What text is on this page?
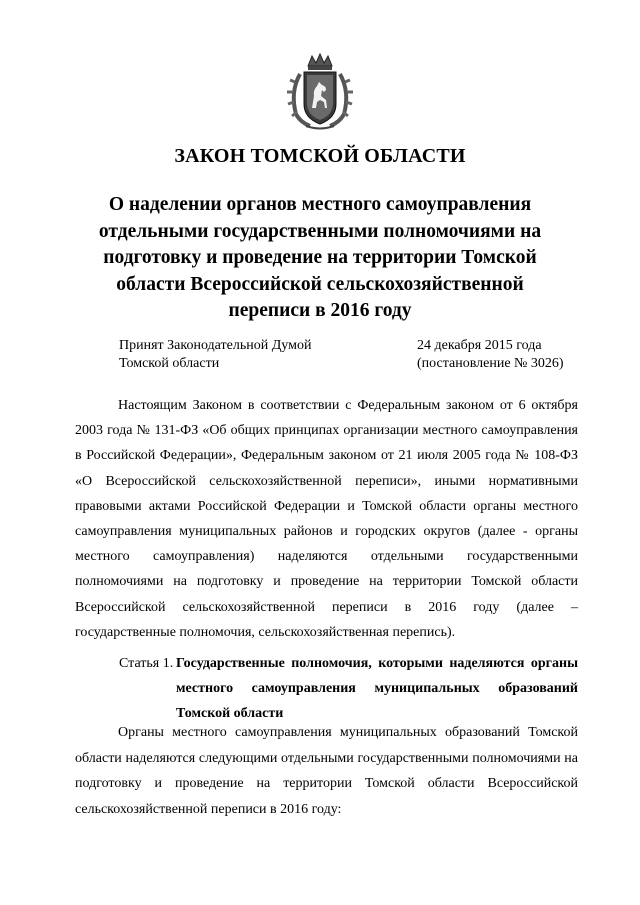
ЗАКОН ТОМСКОЙ ОБЛАСТИ
О наделении органов местного самоуправления отдельными государственными полномочиями на подготовку и проведение на территории Томской области Всероссийской сельскохозяйственной переписи в 2016 году
Принят Законодательной Думой
Томской области
24 декабря 2015 года
(постановление № 3026)

Настоящим Законом в соответствии с Федеральным законом от 6 октября 2003 года № 131-ФЗ «Об общих принципах организации местного самоуправления в Российской Федерации», Федеральным законом от 21 июля 2005 года № 108-ФЗ «О Всероссийской сельскохозяйственной переписи», иными нормативными правовыми актами Российской Федерации и Томской области органы местного самоуправления муниципальных районов и городских округов (далее - органы местного самоуправления) наделяются отдельными государственными полномочиями на подготовку и проведение на территории Томской области Всероссийской сельскохозяйственной переписи в 2016 году (далее – государственные полномочия, сельскохозяйственная перепись).

Статья 1. Государственные полномочия, которыми наделяются органы местного самоуправления муниципальных образований Томской области

Органы местного самоуправления муниципальных образований Томской области наделяются следующими отдельными государственными полномочиями на подготовку и проведение на территории Томской области Всероссийской сельскохозяйственной переписи в 2016 году:
